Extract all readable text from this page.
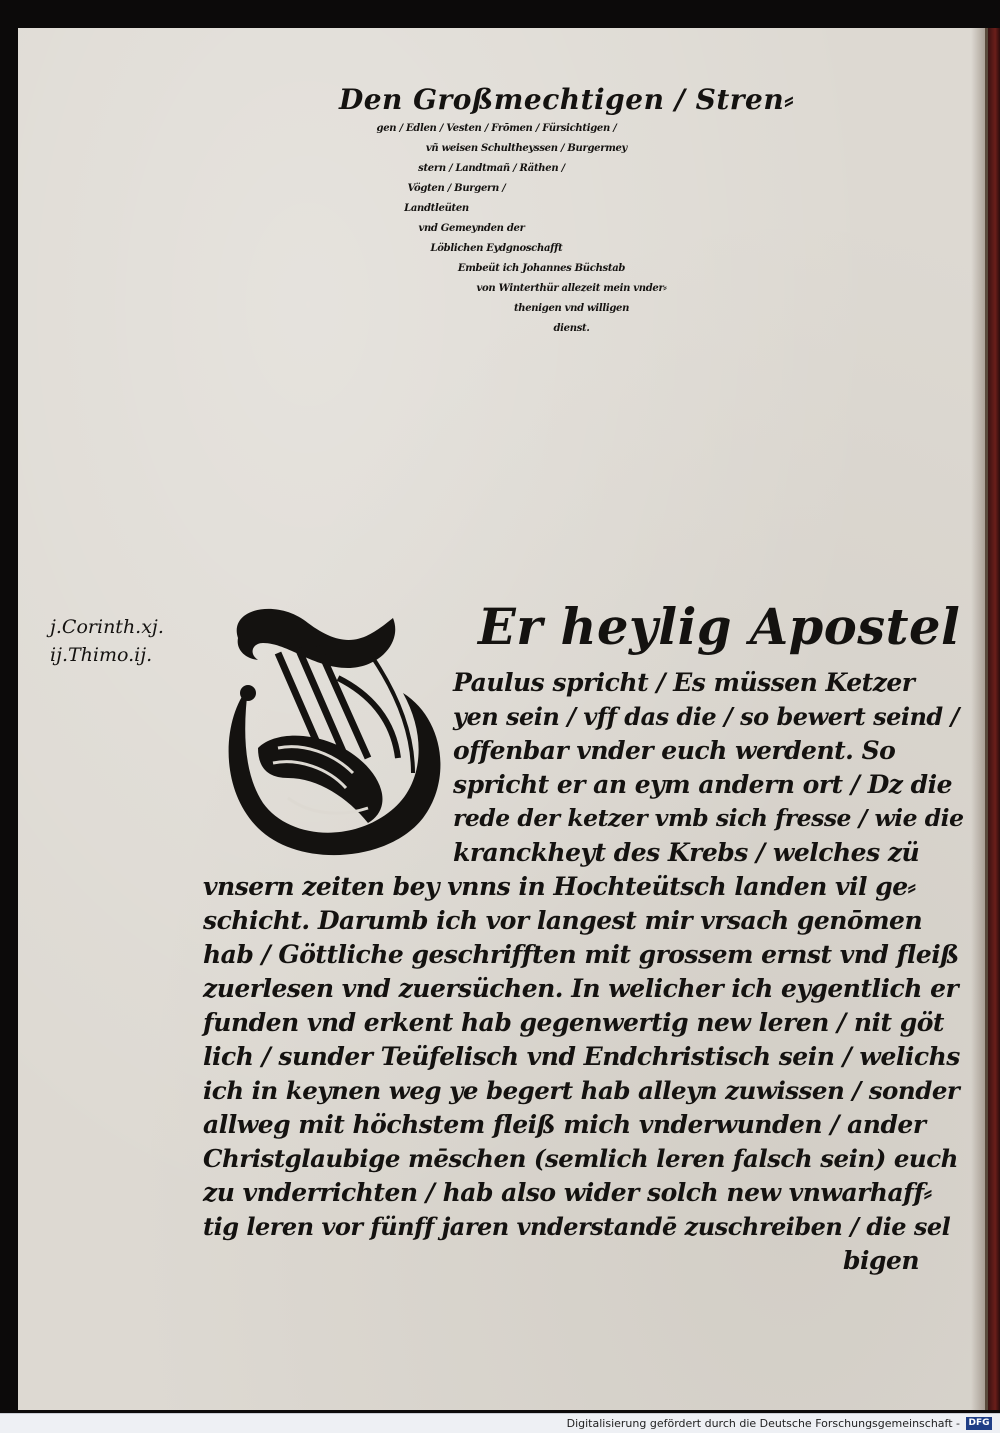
Den Großmechtigen / Stren⸗
gen / Edlen / Vesten / Frōmen / Fürsichtigen /
vñ weisen Schultheyssen / Burgermey
stern / Landtmañ / Räthen /
Vögten / Burgern /
Landtleüten
vnd Gemeynden der
Löblichen Eydgnoschafft
Embeüt ich Johannes Büchstab
von Winterthür allezeit mein vnder⸗
thenigen vnd willigen
dienst.
j.Corinth.xj.
ij.Thimo.ij.	Er heylig Apostel
Paulus spricht / Es müssen Ketzer
yen sein / vff das die / so bewert seind /
offenbar vnder euch werdent. So
spricht er an eym andern ort / Dz die
rede der ketzer vmb sich fresse / wie die
kranckheyt des Krebs / welches zü
vnsern zeiten bey vnns in Hochteütsch landen vil ge⸗
schicht. Darumb ich vor langest mir vrsach genōmen
hab / Göttliche geschrifften mit grossem ernst vnd fleiß
zuerlesen vnd zuersüchen. In welicher ich eygentlich er
funden vnd erkent hab gegenwertig new leren / nit göt
lich / sunder Teüfelisch vnd Endchristisch sein / welichs
ich in keynen weg ye begert hab alleyn zuwissen / sonder
allweg mit höchstem fleiß mich vnderwunden / ander
Christglaubige mēschen (semlich leren falsch sein) euch
zu vnderrichten / hab also wider solch new vnwarhaff⸗
tig leren vor fünff jaren vnderstandē zuschreiben / die sel
bigen
Digitalisierung gefördert durch die Deutsche Forschungsgemeinschaft - DFG
